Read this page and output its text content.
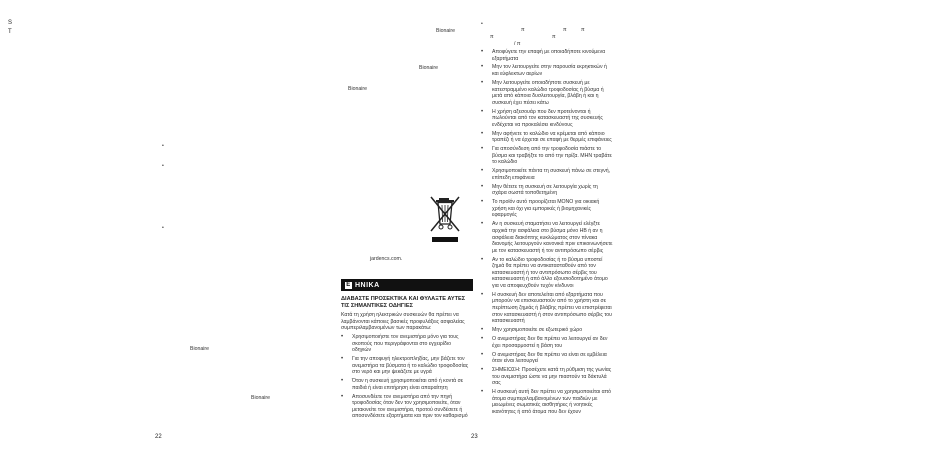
S
T	Bionaire
Bionaire
Bionaire
Bionaire
Bionaire
•
•
•
jardencs.com.
E ΗΝΙΚΑ
ΔΙΑΒΑΣΤΕ ΠΡΟΣΕΚΤΙΚΑ ΚΑΙ ΦΥΛΑΞΤΕ ΑΥΤΕΣ ΤΙΣ ΣΗΜΑΝΤΙΚΕΣ ΟΔΗΓΙΕΣ
Κατά τη χρήση ηλεκτρικών συσκευών θα πρέπει να λαμβάνονται κάποιες βασικές προφυλάξεις ασφαλείας συμπεριλαμβανομένων των παρακάτω:
• Χρησιμοποιήστε τον ανεμιστήρα μόνο για τους σκοπούς που περιγράφονται στο εγχειρίδιο οδηγιών
• Για την αποφυγή ηλεκτροπληξίας, μην βάζετε τον ανεμιστήρα τα βύσματα ή το καλώδιο τροφοδοσίας στο νερό και μην ψεκάζετε με υγρά
• Όταν η συσκευή χρησιμοποιείται από ή κοντά σε παιδιά ή είναι επιτήρηση είναι απαραίτητη
• Αποσυνδέετε τον ανεμιστήρα από την πηγή τροφοδοσίας όταν δεν τον χρησιμοποιείτε, όταν μετακινείτε τον ανεμιστήρα, προτού συνδέσετε ή αποσυνδέσετε εξαρτήματα και πριν τον καθαρισμό
22
•
π	π	π
π	π
/ π
• Αποφύγετε την επαφή με οποιαδήποτε κινούμενα εξαρτήματα
• Μην τον λειτουργείτε στην παρουσία εκρηκτικών ή και εύφλεκτων αερίων
• Μην λειτουργείτε οποιαδήποτε συσκευή με κατεστραμμένο καλώδιο τροφοδοσίας ή βύσμα ή μετά από κάποια δυσλειτουργία, βλάβη ή και η συσκευή έχει πέσει κάτω
• Η χρήση αξεσουάρ που δεν προτείνονται ή πωλούνται από τον κατασκευαστή της συσκευής ενδέχεται να προκαλέσει κινδύνους
• Μην αφήνετε το καλώδιο να κρέμεται από κάποιο τραπέζι ή να έρχεται σε επαφή με θερμές επιφάνειες
• Για αποσύνδεση από την τροφοδοσία πιάστε το βύσμα και τραβήξτε το από την πρίζα. ΜΗΝ τραβάτε το καλώδιο
• Χρησιμοποιείτε πάντα τη συσκευή πάνω σε στεγνή, επίπεδη επιφάνεια
• Μην θέτετε τη συσκευή σε λειτουργία χωρίς τη σχάρα σωστά τοποθετημένη
• Το προϊόν αυτό προορίζεται ΜΟΝΟ για οικιακή χρήση και όχι για εμπορικές ή βιομηχανικές εφαρμογές
• Αν η συσκευή σταματήσει να λειτουργεί ελέγξτε αρχικά την ασφάλεια στο βύσμα μόνο ΗΒ ή αν η ασφάλεια διακόπτης κυκλώματος στον πίνακα διανομής λειτουργούν κανονικά πριν επικοινωνήσετε με τον κατασκευαστή ή τον αντιπρόσωπο σέρβις
• Αν το καλώδιο τροφοδοσίας ή το βύσμα υποστεί ζημιά θα πρέπει να αντικατασταθούν από τον κατασκευαστή ή τον αντιπρόσωπο σέρβις του κατασκευαστή ή από άλλο εξουσιοδοτημένο άτομο για να αποφευχθούν τυχόν κίνδυνοι
• Η συσκευή δεν αποτελείται από εξαρτήματα που μπορούν να επισκευαστούν από το χρήστη και σε περίπτωση ζημιάς ή βλάβης πρέπει να επιστρέφεται στον κατασκευαστή ή στον αντιπρόσωπο σέρβις του κατασκευαστή
• Μην χρησιμοποιείτε σε εξωτερικό χώρο
• Ο ανεμιστήρας δεν θα πρέπει να λειτουργεί αν δεν έχει προσαρμοστεί η βάση του
• Ο ανεμιστήρας δεν θα πρέπει να είναι σε εμβέλεια όταν είναι λειτουργεί
• ΣΗΜΕΙΩΣΗ: Προσέχετε κατά τη ρύθμιση της γωνίας του ανεμιστήρα ώστε να μην πιαστούν τα δάκτυλά σας
• Η συσκευή αυτή δεν πρέπει να χρησιμοποιείται από άτομα συμπεριλαμβανομένων των παιδιών με μειωμένες σωματικές αισθητήρες ή νοητικές ικανότητες ή από άτομα που δεν έχουν
23
